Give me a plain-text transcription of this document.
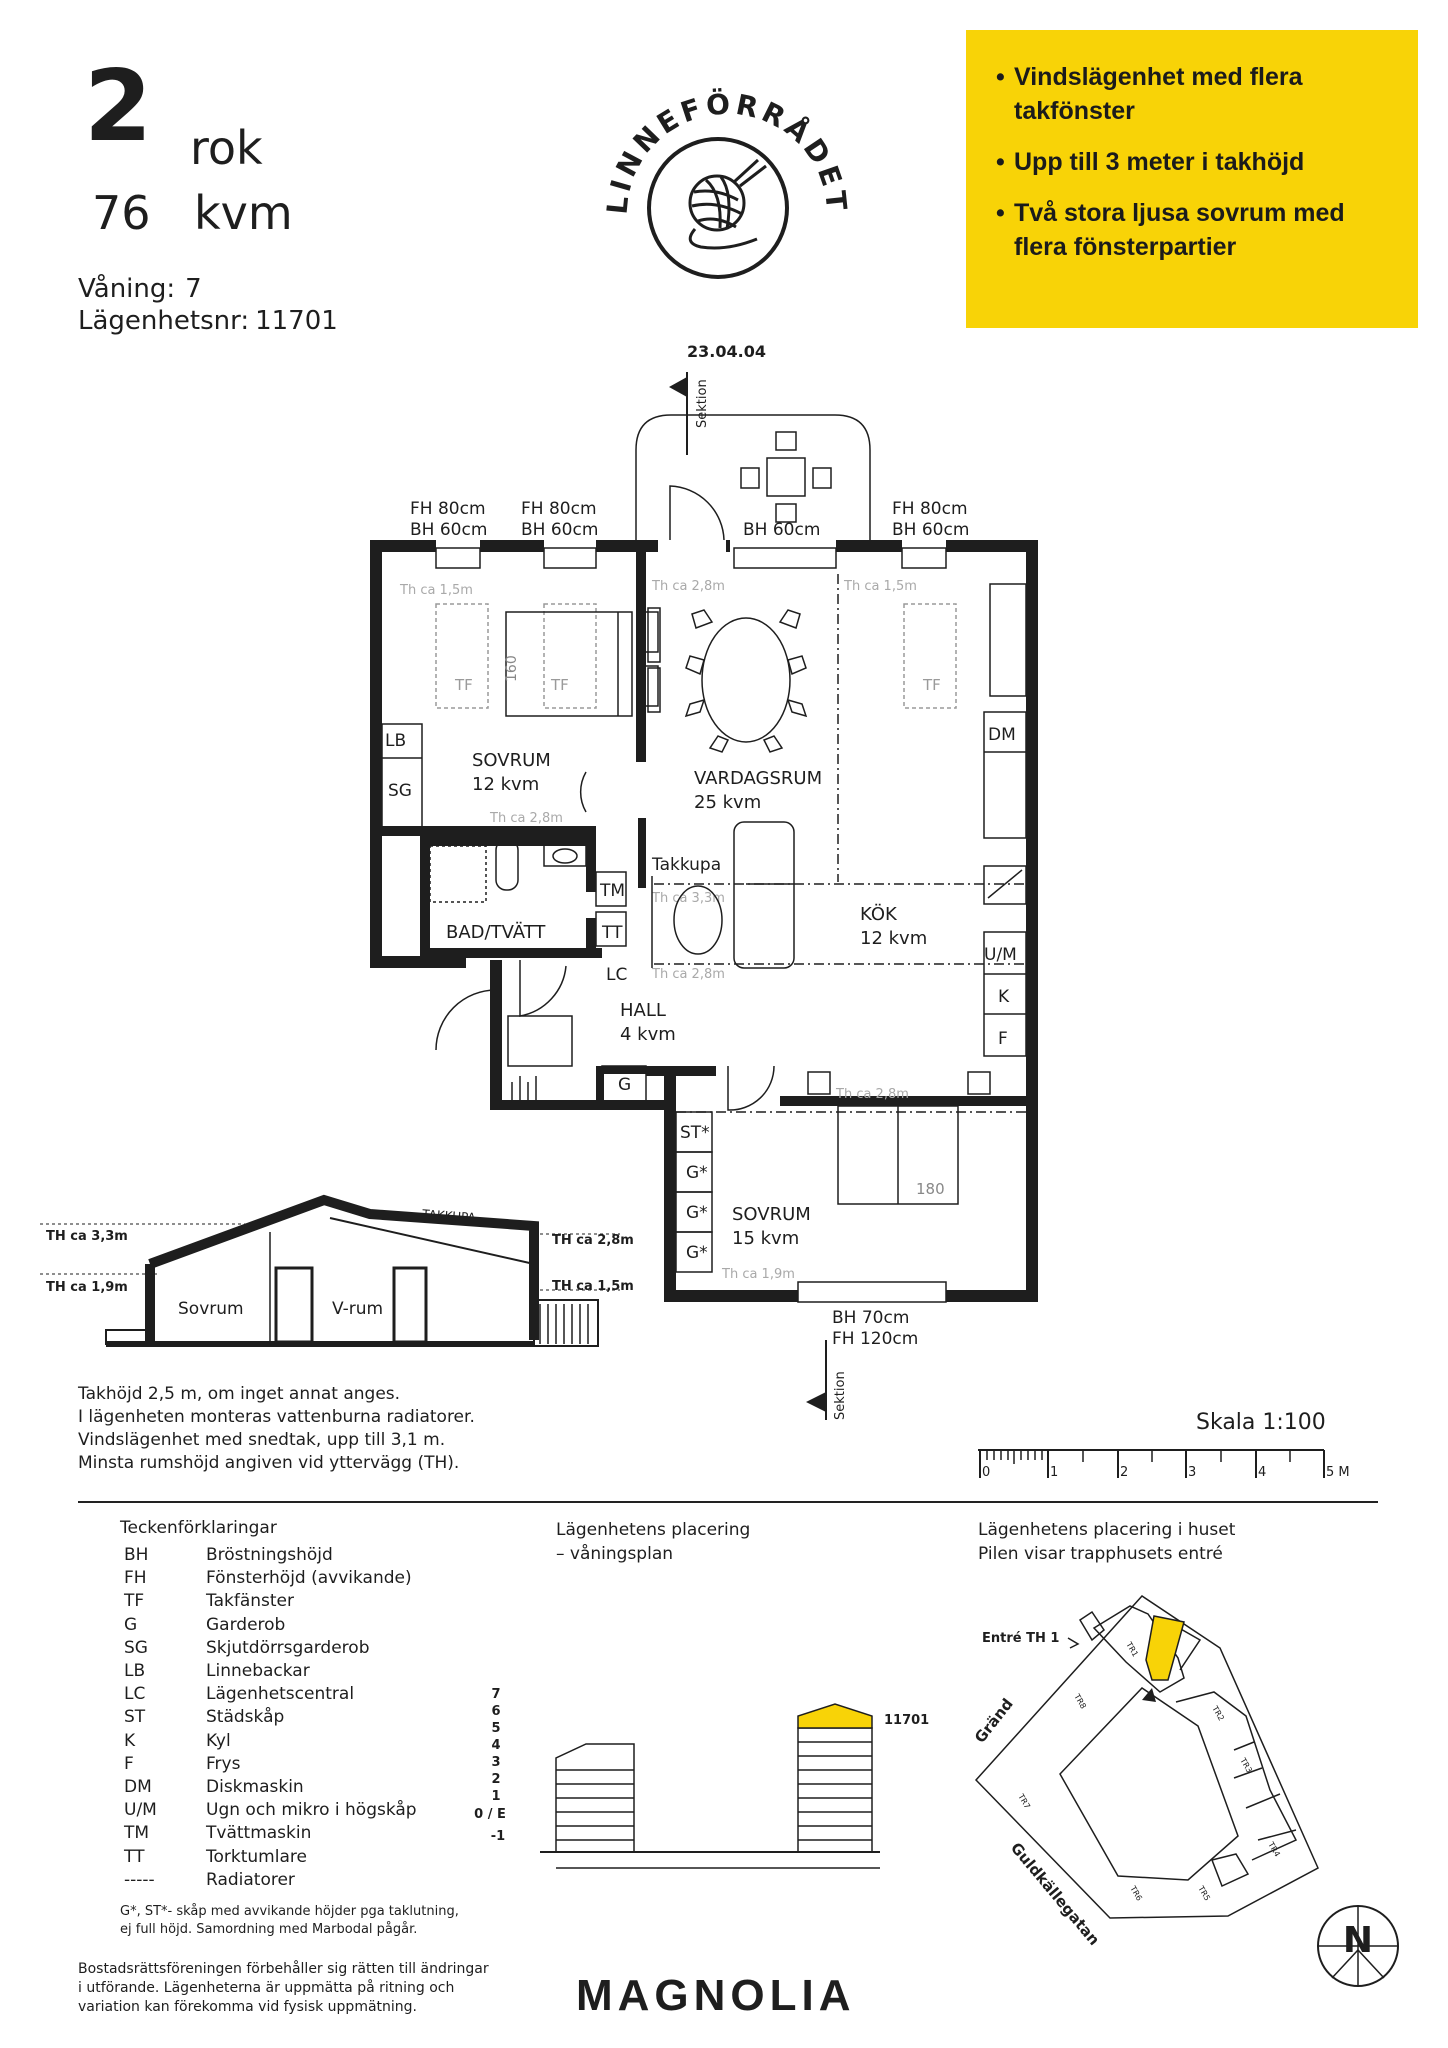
2 rok
76 kvm
Våning: 7
Lägenhetsnr: 11701
• Vindslägenhet med flera takfönster
• Upp till 3 meter i takhöjd
• Två stora ljusa sovrum med flera fönsterpartier
LINNEFÖRRÅDET
23.04.04
Sektion
FH 80cm
BH 60cm
FH 80cm
BH 60cm	BH 60cm
FH 80cm
BH 60cm
BH 70cm
FH 120cm
TF	TF	TF
160
LB
SG
SOVRUM
12 kvm	VARDAGSRUM
25 kvm
KÖK
12 kvm
BAD/TVÄTT
HALL
4 kvm
SOVRUM
15 kvm
Th ca 1,5m	Th ca 2,8m	Th ca 1,5m
Th ca 2,8m
Th ca 3,3m
Th ca 2,8m
Th ca 2,8m
Th ca 1,9m
Takkupa
DM
U/M
K
F
TM
TT
LC
G
ST*
G*
G*
G*
180
Sektion
TAKKUPA
TH ca 3,3m
TH ca 1,9m
TH ca 2,8m
TH ca 1,5m
Sovrum	V-rum
0	1	2	3	4	5 M
7
6
5
4
3
2
1
0 / E
-1
11701
TR1
TR2
TR3
TR4
TR5
TR6
TR7
TR8
Entré TH 1
Gränd
Guldkällegatan	N
Takhöjd 2,5 m, om inget annat anges.
I lägenheten monteras vattenburna radiatorer.
Vindslägenhet med snedtak, upp till 3,1 m.
Minsta rumshöjd angiven vid yttervägg (TH).
Skala 1:100
Teckenförklaringar
BH	Bröstningshöjd
FH	Fönsterhöjd (avvikande)
TF	Takfänster
G	Garderob
SG	Skjutdörrsgarderob
LB	Linnebackar
LC	Lägenhetscentral
ST	Städskåp
K	Kyl
F	Frys
DM	Diskmaskin
U/M	Ugn och mikro i högskåp
TM	Tvättmaskin
TT	Torktumlare
-----	Radiatorer
G*, ST*- skåp med avvikande höjder pga taklutning,
ej full höjd. Samordning med Marbodal pågår.
Lägenhetens placering
– våningsplan
Lägenhetens placering i huset
Pilen visar trapphusets entré
Bostadsrättsföreningen förbehåller sig rätten till ändringar
i utförande. Lägenheterna är uppmätta på ritning och
variation kan förekomma vid fysisk uppmätning.	MAGNOLIA
